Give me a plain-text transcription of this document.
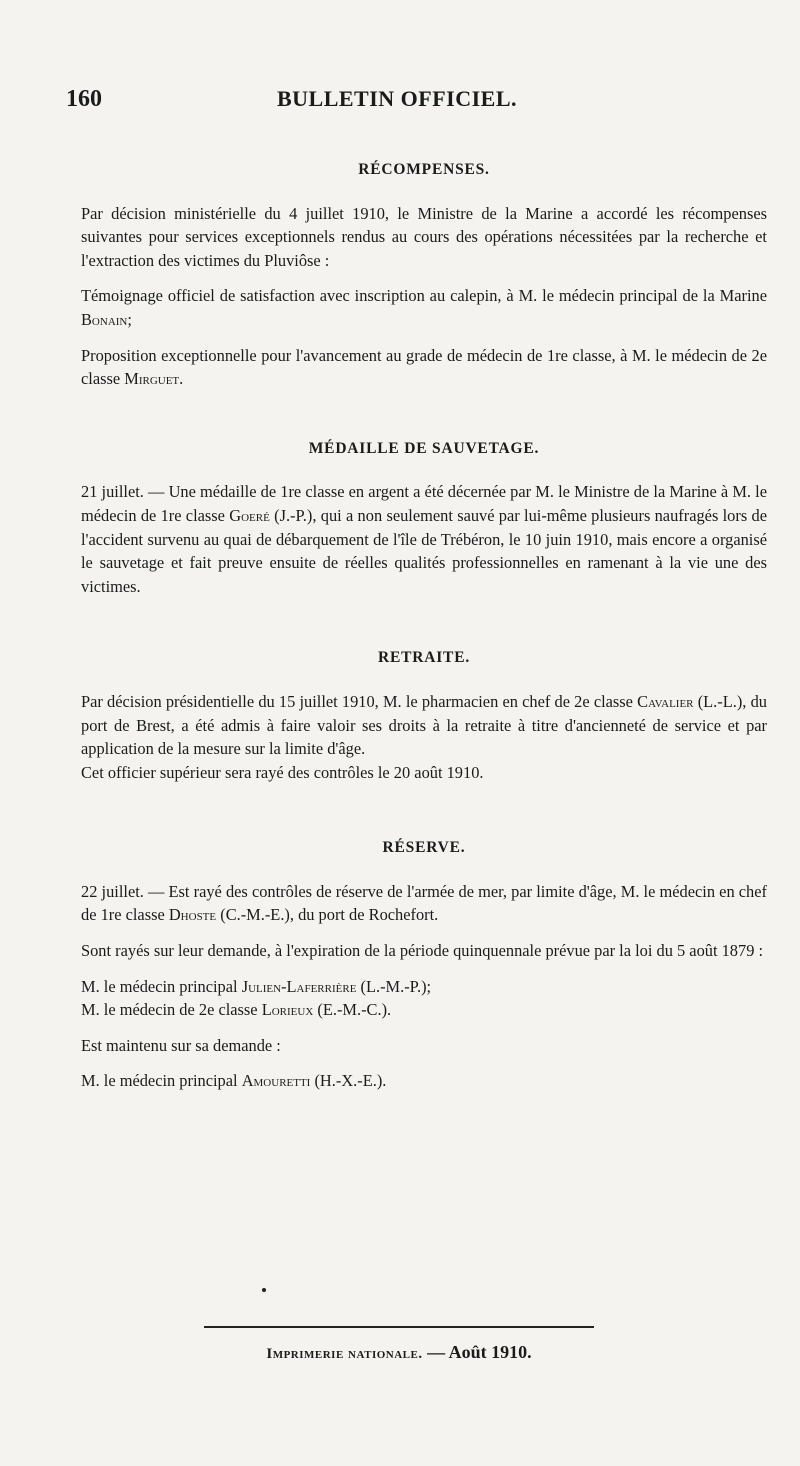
160	BULLETIN OFFICIEL.
RÉCOMPENSES.

Par décision ministérielle du 4 juillet 1910, le Ministre de la Marine a accordé les récompenses suivantes pour services exceptionnels rendus au cours des opérations nécessitées par la recherche et l'extraction des victimes du Pluviôse :

Témoignage officiel de satisfaction avec inscription au calepin, à M. le médecin principal de la Marine Bonain;

Proposition exceptionnelle pour l'avancement au grade de médecin de 1re classe, à M. le médecin de 2e classe Mirguet.

MÉDAILLE DE SAUVETAGE.

21 juillet. — Une médaille de 1re classe en argent a été décernée par M. le Ministre de la Marine à M. le médecin de 1re classe Goeré (J.-P.), qui a non seulement sauvé par lui-même plusieurs naufragés lors de l'accident survenu au quai de débarquement de l'île de Trébéron, le 10 juin 1910, mais encore a organisé le sauvetage et fait preuve ensuite de réelles qualités professionnelles en ramenant à la vie une des victimes.

RETRAITE.

Par décision présidentielle du 15 juillet 1910, M. le pharmacien en chef de 2e classe Cavalier (L.-L.), du port de Brest, a été admis à faire valoir ses droits à la retraite à titre d'ancienneté de service et par application de la mesure sur la limite d'âge.

Cet officier supérieur sera rayé des contrôles le 20 août 1910.

RÉSERVE.

22 juillet. — Est rayé des contrôles de réserve de l'armée de mer, par limite d'âge, M. le médecin en chef de 1re classe Dhoste (C.-M.-E.), du port de Rochefort.

Sont rayés sur leur demande, à l'expiration de la période quinquennale prévue par la loi du 5 août 1879 :

M. le médecin principal Julien-Laferrière (L.-M.-P.);

M. le médecin de 2e classe Lorieux (E.-M.-C.).

Est maintenu sur sa demande :

M. le médecin principal Amouretti (H.-X.-E.).

Imprimerie nationale. — Août 1910.
